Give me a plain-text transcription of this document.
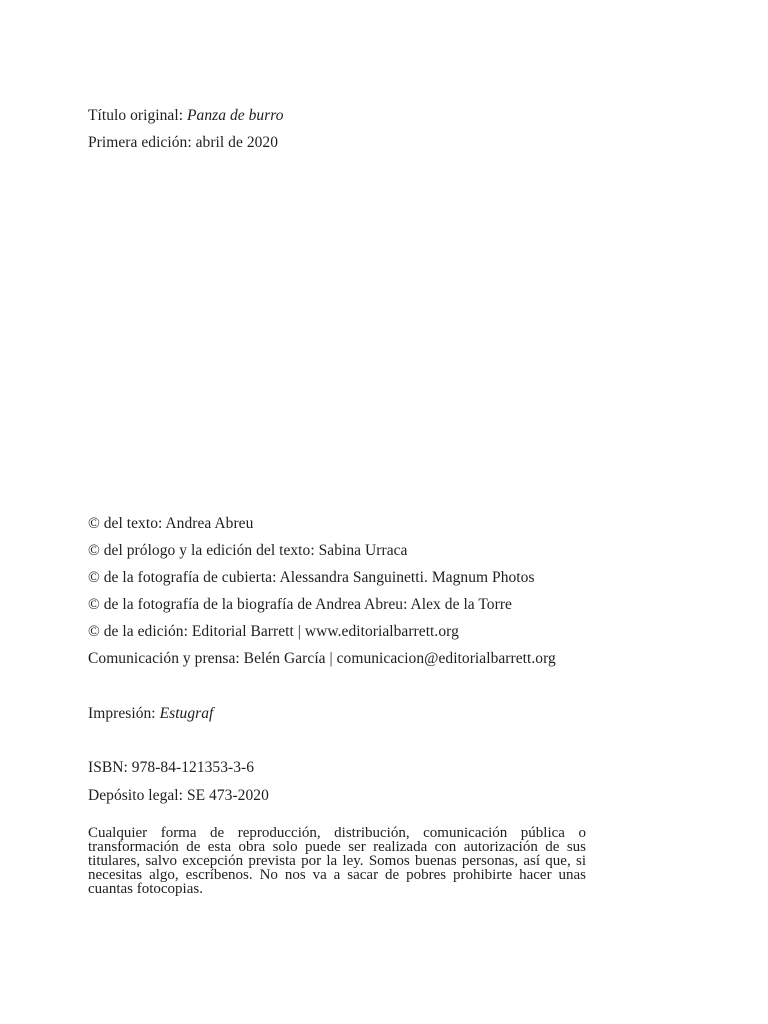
Título original: Panza de burro
Primera edición: abril de 2020
© del texto: Andrea Abreu
© del prólogo y la edición del texto: Sabina Urraca
© de la fotografía de cubierta: Alessandra Sanguinetti. Magnum Photos
© de la fotografía de la biografía de Andrea Abreu: Alex de la Torre
© de la edición: Editorial Barrett | www.editorialbarrett.org
Comunicación y prensa: Belén García | comunicacion@editorialbarrett.org
Impresión: Estugraf
ISBN: 978-84-121353-3-6
Depósito legal: SE 473-2020
Cualquier forma de reproducción, distribución, comunicación pública o transformación de esta obra solo puede ser realizada con autorización de sus titulares, salvo excepción prevista por la ley. Somos buenas personas, así que, si necesitas algo, escríbenos. No nos va a sacar de pobres prohibirte hacer unas cuantas fotocopias.
